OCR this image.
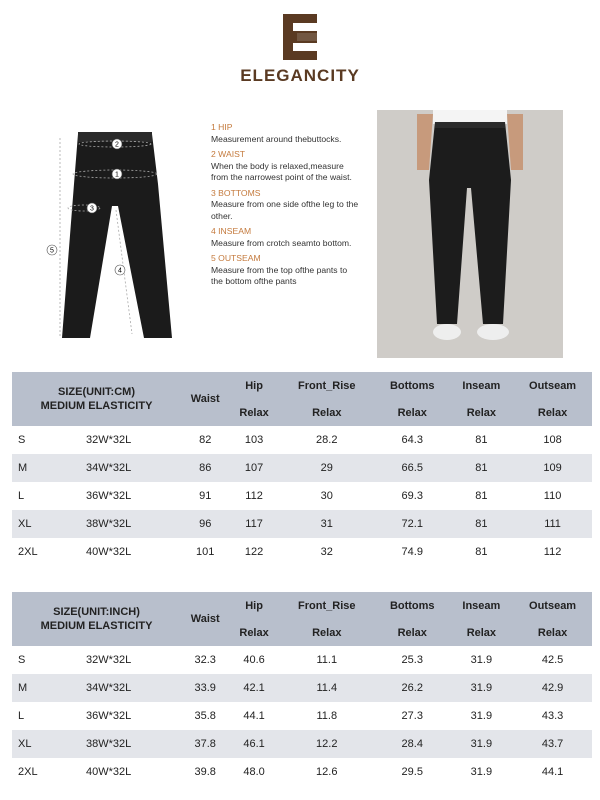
ELEGANCITY
2
1
3
4
5
1 HIP
Measurement around thebuttocks.
2 WAIST
When the body is relaxed,measure from the narrowest point of the waist.
3 BOTTOMS
Measure from one side ofthe leg to the other.
4 INSEAM
Measure from crotch seamto bottom.
5 OUTSEAM
Measure from the top ofthe pants to the bottom ofthe pants
SIZE(UNIT:CM)
MEDIUM ELASTICITY		Waist	Hip	Front_Rise	Bottoms	Inseam	Outseam
			Relax	Relax	Relax	Relax	Relax
S	32W*32L	82	103	28.2	64.3	81	108
M	34W*32L	86	107	29	66.5	81	109
L	36W*32L	91	112	30	69.3	81	110
XL	38W*32L	96	117	31	72.1	81	111
2XL	40W*32L	101	122	32	74.9	81	112
SIZE(UNIT:INCH)
MEDIUM ELASTICITY		Waist	Hip	Front_Rise	Bottoms	Inseam	Outseam
			Relax	Relax	Relax	Relax	Relax
S	32W*32L	32.3	40.6	11.1	25.3	31.9	42.5
M	34W*32L	33.9	42.1	11.4	26.2	31.9	42.9
L	36W*32L	35.8	44.1	11.8	27.3	31.9	43.3
XL	38W*32L	37.8	46.1	12.2	28.4	31.9	43.7
2XL	40W*32L	39.8	48.0	12.6	29.5	31.9	44.1
